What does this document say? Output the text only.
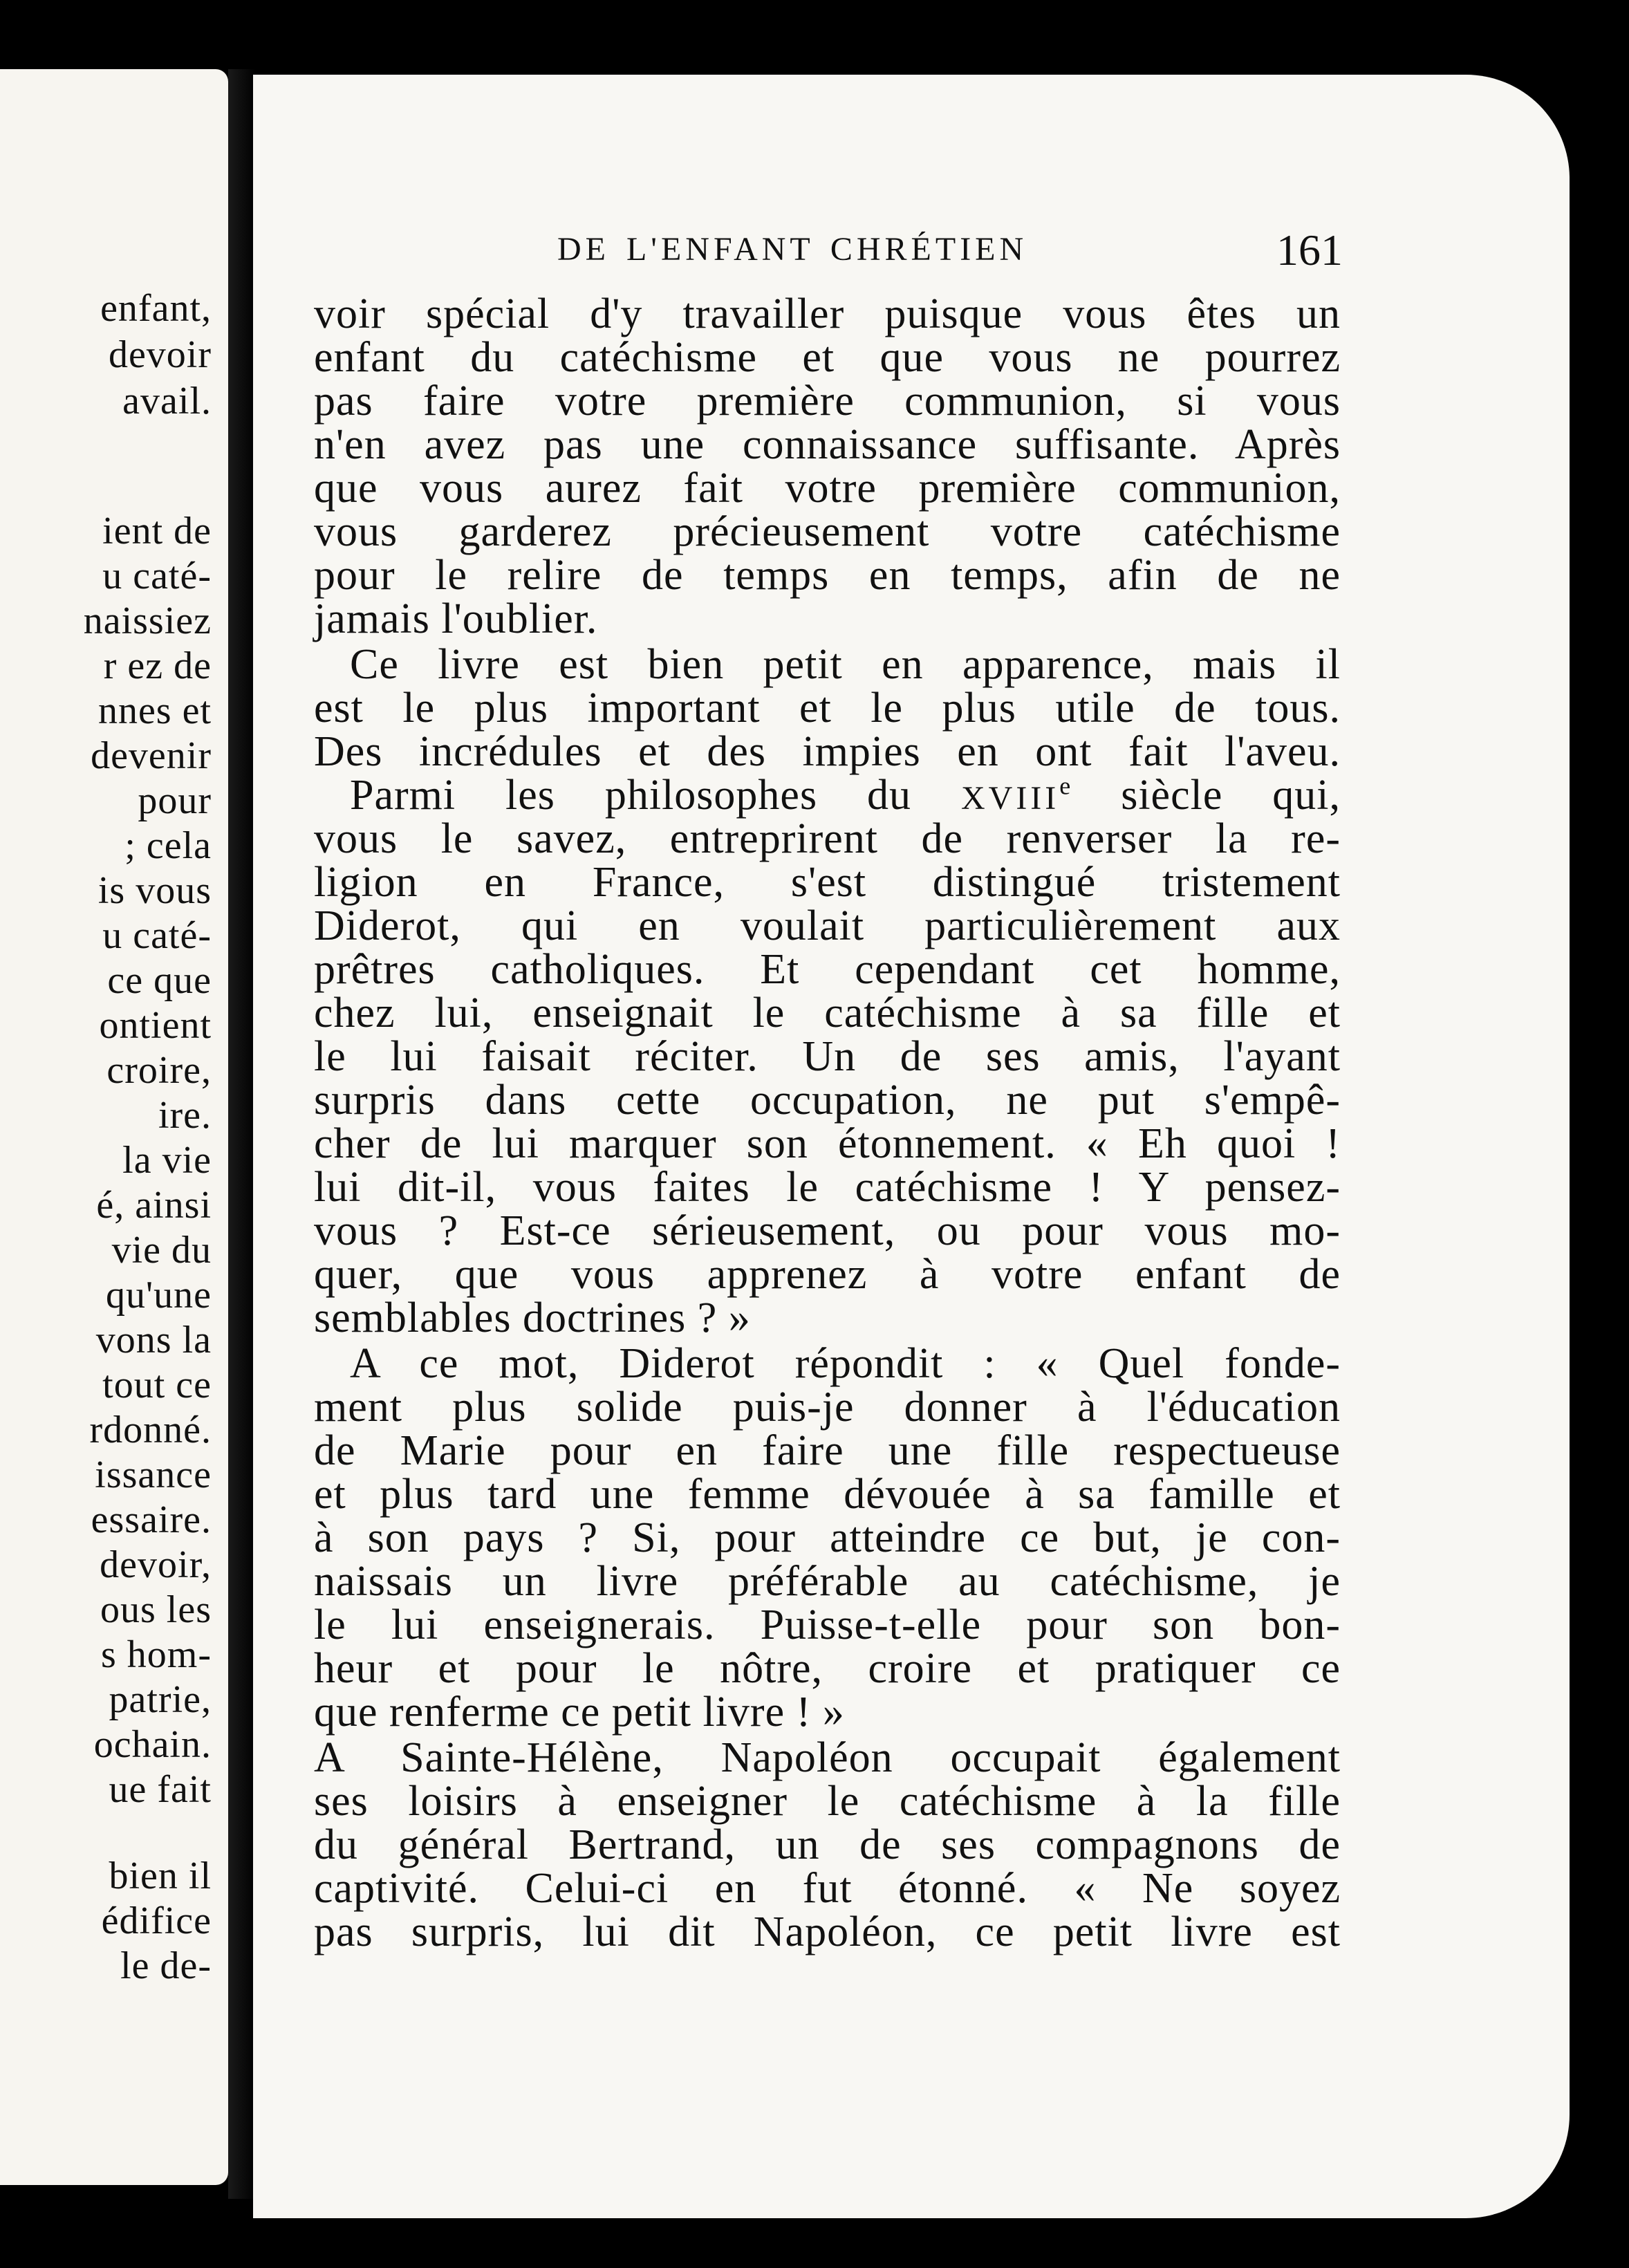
enfant,
devoir
avail.
ient de
u caté-
naissiez
r ez de
nnes et
devenir
pour
; cela
is vous
u caté-
ce que
ontient
croire,
ire.
la vie
é, ainsi
vie du
qu'une
vons la
tout ce
rdonné.
issance
essaire.
devoir,
ous les
s hom-
patrie,
ochain.
ue fait
bien il
édifice
le de-
DE L'ENFANT CHRÉTIEN	161
voir spécial d'y travailler puisque vous êtes un
enfant du catéchisme et que vous ne pourrez
pas faire votre première communion, si vous
n'en avez pas une connaissance suffisante. Après
que vous aurez fait votre première communion,
vous garderez précieusement votre catéchisme
pour le relire de temps en temps, afin de ne
jamais l'oublier.
Ce livre est bien petit en apparence, mais il
est le plus important et le plus utile de tous.
Des incrédules et des impies en ont fait l'aveu.
Parmi les philosophes du XVIIIe siècle qui,
vous le savez, entreprirent de renverser la re-
ligion en France, s'est distingué tristement
Diderot, qui en voulait particulièrement aux
prêtres catholiques. Et cependant cet homme,
chez lui, enseignait le catéchisme à sa fille et
le lui faisait réciter. Un de ses amis, l'ayant
surpris dans cette occupation, ne put s'empê-
cher de lui marquer son étonnement. « Eh quoi !
lui dit-il, vous faites le catéchisme ! Y pensez-
vous ? Est-ce sérieusement, ou pour vous mo-
quer, que vous apprenez à votre enfant de
semblables doctrines ? »
A ce mot, Diderot répondit : « Quel fonde-
ment plus solide puis-je donner à l'éducation
de Marie pour en faire une fille respectueuse
et plus tard une femme dévouée à sa famille et
à son pays ? Si, pour atteindre ce but, je con-
naissais un livre préférable au catéchisme, je
le lui enseignerais. Puisse-t-elle pour son bon-
heur et pour le nôtre, croire et pratiquer ce
que renferme ce petit livre ! »
A Sainte-Hélène, Napoléon occupait également
ses loisirs à enseigner le catéchisme à la fille
du général Bertrand, un de ses compagnons de
captivité. Celui-ci en fut étonné. « Ne soyez
pas surpris, lui dit Napoléon, ce petit livre est
